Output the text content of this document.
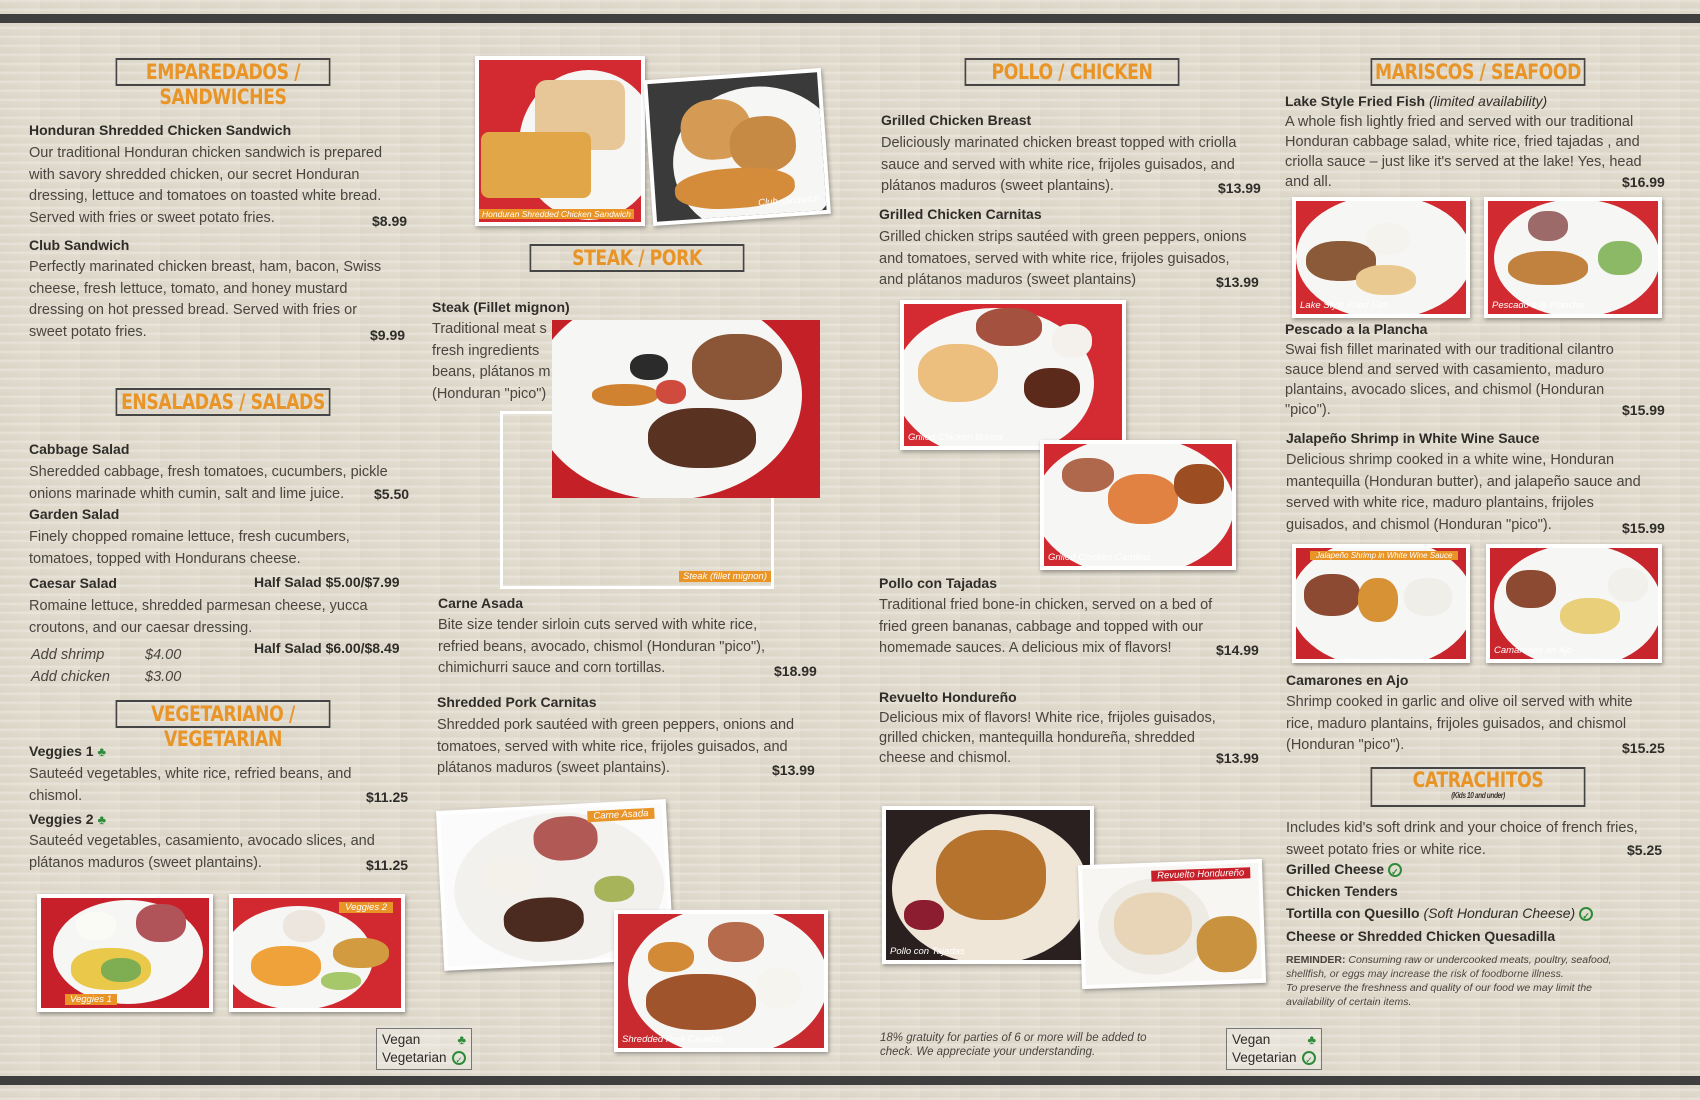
EMPAREDADOS / SANDWICHES
Honduran Shredded Chicken Sandwich
Our traditional Honduran chicken sandwich is prepared
with savory shredded chicken, our secret Honduran
dressing, lettuce and tomatoes on toasted white bread.
Served with fries or sweet potato fries.	$8.99
Club Sandwich
Perfectly marinated chicken breast, ham, bacon, Swiss
cheese, fresh lettuce, tomato, and honey mustard
dressing on hot pressed bread. Served with fries or
sweet potato fries.	$9.99
ENSALADAS / SALADS
Cabbage Salad
Sheredded cabbage, fresh tomatoes, cucumbers, pickle
onions marinade whith cumin, salt and lime juice.	$5.50
Garden Salad
Finely chopped romaine lettuce, fresh cucumbers,
tomatoes, topped with Hondurans cheese.
Caesar Salad	Half Salad $5.00/$7.99
Romaine lettuce, shredded parmesan cheese, yucca
croutons, and our caesar dressing.
Half Salad $6.00/$8.49
Add shrimp	$4.00
Add chicken $3.00
VEGETARIANO / VEGETARIAN
Veggies 1 ♣
Sauteéd vegetables, white rice, refried beans, and
chismol.	$11.25
Veggies 2 ♣
Sauteéd vegetables, casamiento, avocado slices, and
plátanos maduros (sweet plantains).	$11.25
Veggies 1
Veggies 2
Vegan	♣
Vegetarian ✓
Honduran Shredded Chicken Sandwich
Club sandwich
STEAK / PORK
Steak (Fillet mignon)
Traditional meat s
fresh ingredients
beans, plátanos m
(Honduran "pico")
Steak (fillet mignon)
Carne Asada
Bite size tender sirloin cuts served with white rice,
refried beans, avocado, chismol (Honduran "pico"),
chimichurri sauce and corn tortillas.	$18.99
Shredded Pork Carnitas
Shredded pork sautéed with green peppers, onions and
tomatoes, served with white rice, frijoles guisados, and
plátanos maduros (sweet plantains).	$13.99
Carne Asada
Shredded Pork Carnitas
POLLO / CHICKEN
Grilled Chicken Breast
Deliciously marinated chicken breast topped with criolla
sauce and served with white rice, frijoles guisados, and
plátanos maduros (sweet plantains).	$13.99
Grilled Chicken Carnitas
Grilled chicken strips sautéed with green peppers, onions
and tomatoes, served with white rice, frijoles guisados,
and plátanos maduros (sweet plantains)	$13.99
Grilled Chicken Breast
Grilled Chicken Carnitas
Pollo con Tajadas
Traditional fried bone-in chicken, served on a bed of
fried green bananas, cabbage and topped with our
homemade sauces. A delicious mix of flavors!	$14.99
Revuelto Hondureño
Delicious mix of flavors! White rice, frijoles guisados,
grilled chicken, mantequilla hondureña, shredded
cheese and chismol.	$13.99
Pollo con Tajadas
Revuelto Hondureño
18% gratuity for parties of 6 or more will be added to
check. We appreciate your understanding.
Vegan	♣
Vegetarian ✓
MARISCOS / SEAFOOD
Lake Style Fried Fish (limited availability)
A whole fish lightly fried and served with our traditional
Honduran cabbage salad, white rice, fried tajadas , and
criolla sauce – just like it's served at the lake! Yes, head
and all.	$16.99
Lake Style Fried Fish	Pescado a la Plancha
Pescado a la Plancha
Swai fish fillet marinated with our traditional cilantro
sauce blend and served with casamiento, maduro
plantains, avocado slices, and chismol (Honduran
"pico").	$15.99
Jalapeño Shrimp in White Wine Sauce
Delicious shrimp cooked in a white wine, Honduran
mantequilla (Honduran butter), and jalapeño sauce and
served with white rice, maduro plantains, frijoles
guisados, and chismol (Honduran "pico").	$15.99
Jalapeño Shrimp in White Wine Sauce
Camarones en Ajo
Camarones en Ajo
Shrimp cooked in garlic and olive oil served with white
rice, maduro plantains, frijoles guisados, and chismol
(Honduran "pico").	$15.25
CATRACHITOS
(Kids 10 and under)
Includes kid's soft drink and your choice of french fries,
sweet potato fries or white rice.	$5.25
Grilled Cheese ✓
Chicken Tenders
Tortilla con Quesillo (Soft Honduran Cheese) ✓
Cheese or Shredded Chicken Quesadilla
REMINDER: Consuming raw or undercooked meats, poultry, seafood,
shellfish, or eggs may increase the risk of foodborne illness.
To preserve the freshness and quality of our food we may limit the
availability of certain items.
